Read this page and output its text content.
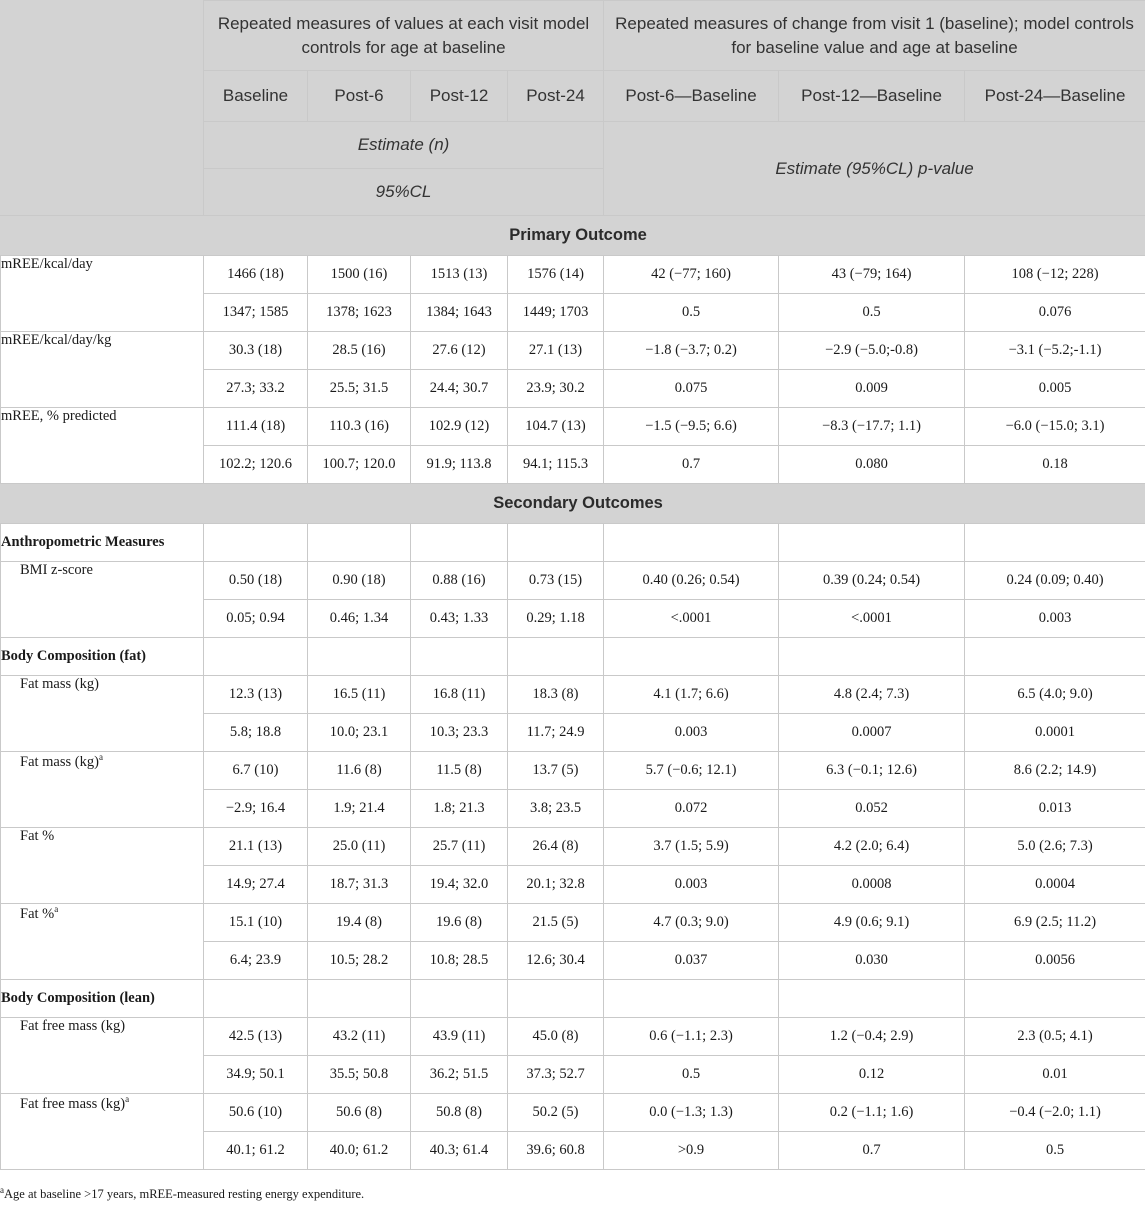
	Repeated measures of values at each visit model controls for age at baseline				Repeated measures of change from visit 1 (baseline); model controls for baseline value and age at baseline		
	Baseline	Post-6	Post-12	Post-24	Post-6—Baseline	Post-12—Baseline	Post-24—Baseline
	Estimate (n)				Estimate (95%CL) p-value		
	95%CL						
Primary Outcome							
mREE/kcal/day	1466 (18)	1500 (16)	1513 (13)	1576 (14)	42 (−77; 160)	43 (−79; 164)	108 (−12; 228)
	1347; 1585	1378; 1623	1384; 1643	1449; 1703	0.5	0.5	0.076
mREE/kcal/day/kg	30.3 (18)	28.5 (16)	27.6 (12)	27.1 (13)	−1.8 (−3.7; 0.2)	−2.9 (−5.0;-0.8)	−3.1 (−5.2;-1.1)
	27.3; 33.2	25.5; 31.5	24.4; 30.7	23.9; 30.2	0.075	0.009	0.005
mREE, % predicted	111.4 (18)	110.3 (16)	102.9 (12)	104.7 (13)	−1.5 (−9.5; 6.6)	−8.3 (−17.7; 1.1)	−6.0 (−15.0; 3.1)
	102.2; 120.6	100.7; 120.0	91.9; 113.8	94.1; 115.3	0.7	0.080	0.18
Secondary Outcomes							
Anthropometric Measures							
BMI z-score	0.50 (18)	0.90 (18)	0.88 (16)	0.73 (15)	0.40 (0.26; 0.54)	0.39 (0.24; 0.54)	0.24 (0.09; 0.40)
	0.05; 0.94	0.46; 1.34	0.43; 1.33	0.29; 1.18	<.0001	<.0001	0.003
Body Composition (fat)							
Fat mass (kg)	12.3 (13)	16.5 (11)	16.8 (11)	18.3 (8)	4.1 (1.7; 6.6)	4.8 (2.4; 7.3)	6.5 (4.0; 9.0)
	5.8; 18.8	10.0; 23.1	10.3; 23.3	11.7; 24.9	0.003	0.0007	0.0001
Fat mass (kg)$^a$	6.7 (10)	11.6 (8)	11.5 (8)	13.7 (5)	5.7 (−0.6; 12.1)	6.3 (−0.1; 12.6)	8.6 (2.2; 14.9)
	−2.9; 16.4	1.9; 21.4	1.8; 21.3	3.8; 23.5	0.072	0.052	0.013
Fat %	21.1 (13)	25.0 (11)	25.7 (11)	26.4 (8)	3.7 (1.5; 5.9)	4.2 (2.0; 6.4)	5.0 (2.6; 7.3)
	14.9; 27.4	18.7; 31.3	19.4; 32.0	20.1; 32.8	0.003	0.0008	0.0004
Fat %$^a$	15.1 (10)	19.4 (8)	19.6 (8)	21.5 (5)	4.7 (0.3; 9.0)	4.9 (0.6; 9.1)	6.9 (2.5; 11.2)
	6.4; 23.9	10.5; 28.2	10.8; 28.5	12.6; 30.4	0.037	0.030	0.0056
Body Composition (lean)							
Fat free mass (kg)	42.5 (13)	43.2 (11)	43.9 (11)	45.0 (8)	0.6 (−1.1; 2.3)	1.2 (−0.4; 2.9)	2.3 (0.5; 4.1)
	34.9; 50.1	35.5; 50.8	36.2; 51.5	37.3; 52.7	0.5	0.12	0.01
Fat free mass (kg)$^a$	50.6 (10)	50.6 (8)	50.8 (8)	50.2 (5)	0.0 (−1.3; 1.3)	0.2 (−1.1; 1.6)	−0.4 (−2.0; 1.1)
	40.1; 61.2	40.0; 61.2	40.3; 61.4	39.6; 60.8	>0.9	0.7	0.5
$^a$Age at baseline >17 years, mREE-measured resting energy expenditure.
